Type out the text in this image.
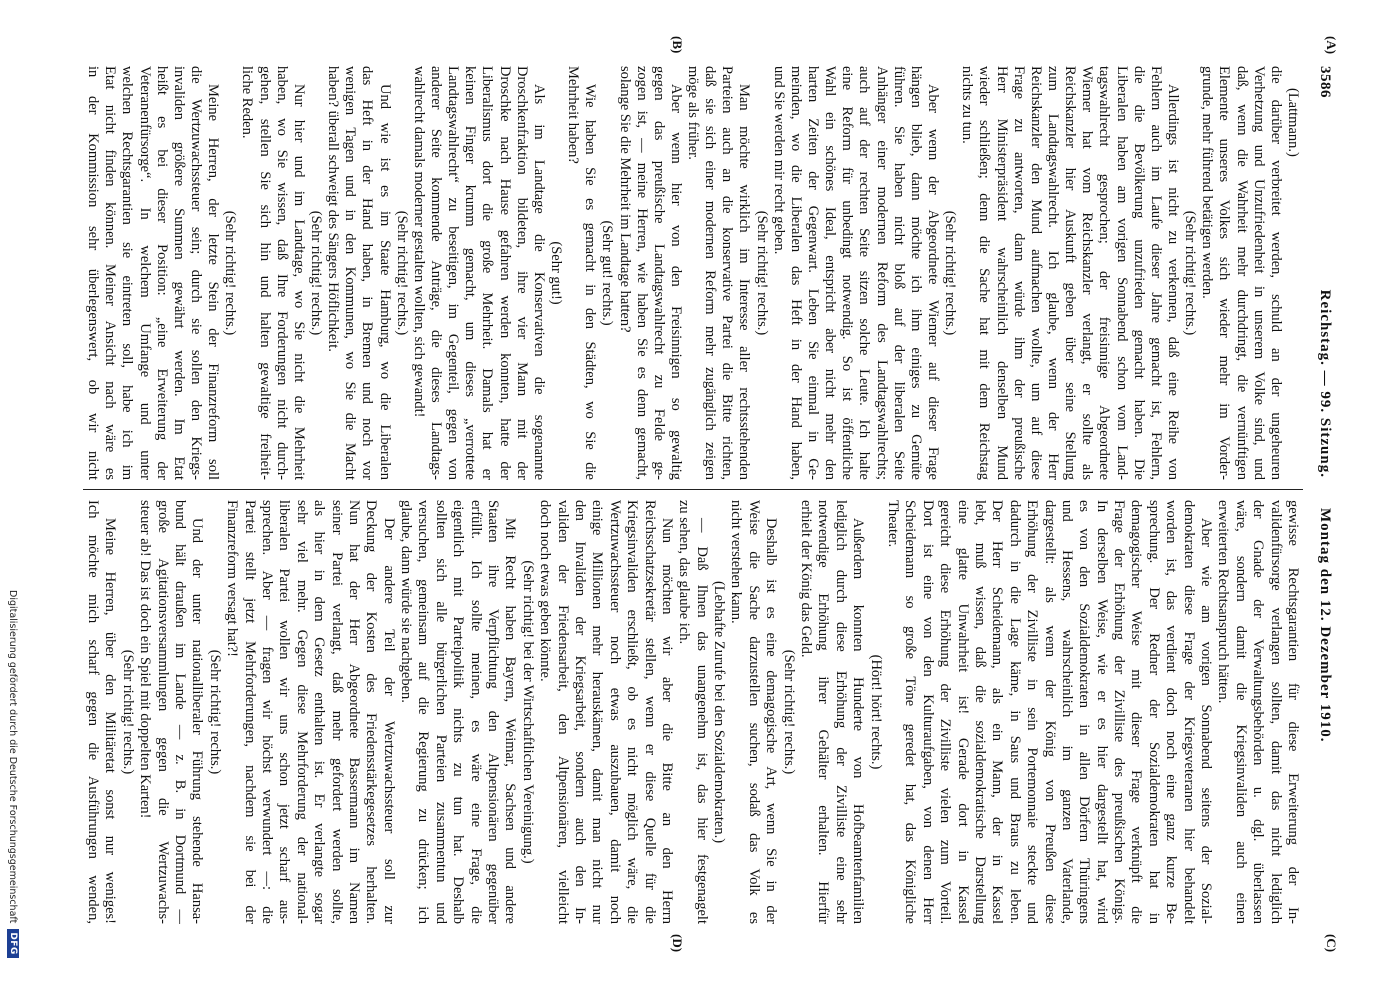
3586
Reichstag. — 99. Sitzung.
Montag den 12. Dezember 1910.
(A)
(B)
(C)
(D)
(Lattmann.)
die darüber verbreitet werden, schuld an der ungeheuren
Verhetzung und Unzufriedenheit in unserem Volke sind, und
daß, wenn die Wahrheit mehr durchdringt, die vernünftigen
Elemente unseres Volkes sich wieder mehr im Vorder-
grunde, mehr führend betätigen werden.
(Sehr richtig! rechts.)
Allerdings ist nicht zu verkennen, daß eine Reihe von
Fehlern auch im Laufe dieser Jahre gemacht ist, Fehlern,
die die Bevölkerung unzufrieden gemacht haben. Die
Liberalen haben am vorigen Sonnabend schon vom Land-
tagswahlrecht gesprochen; der freisinnige Abgeordnete
Wiemer hat vom Reichskanzler verlangt, er sollte als
Reichskanzler hier Auskunft geben über seine Stellung
zum Landtagswahlrecht. Ich glaube, wenn der Herr
Reichskanzler den Mund aufmachen wollte, um auf diese
Frage zu antworten, dann würde ihm der preußische
Herr Ministerpräsident wahrscheinlich denselben Mund
wieder schließen; denn die Sache hat mit dem Reichstag
nichts zu tun.
(Sehr richtig! rechts.)
Aber wenn der Abgeordnete Wiemer auf dieser Frage
hängen blieb, dann möchte ich ihm einiges zu Gemüte
führen. Sie haben nicht bloß auf der liberalen Seite
Anhänger einer modernen Reform des Landtagswahlrechts;
auch auf der rechten Seite sitzen solche Leute. Ich halte
eine Reform für unbedingt notwendig. So ist öffentliche
Wahl ein schönes Ideal, entspricht aber nicht mehr den
harten Zeiten der Gegenwart. Leben Sie einmal in Ge-
meinden, wo die Liberalen das Heft in der Hand haben,
und Sie werden mir recht geben.
(Sehr richtig! rechts.)
Man möchte wirklich im Interesse aller rechtsstehenden
Parteien auch an die konservative Partei die Bitte richten,
daß sie sich einer modernen Reform mehr zugänglich zeigen
möge als früher.
Aber wenn hier von den Freisinnigen so gewaltig
gegen das preußische Landtagswahlrecht zu Felde ge-
zogen ist, — meine Herren, wie haben Sie es denn gemacht,
solange Sie die Mehrheit im Landtage hatten?
(Sehr gut! rechts.)
Wie haben Sie es gemacht in den Städten, wo Sie die
Mehrheit haben?
(Sehr gut!)
Als im Landtage die Konservativen die sogenannte
Droschkenfraktion bildeten, ihre vier Mann mit der
Droschke nach Hause gefahren werden konnten, hatte der
Liberalismus dort die große Mehrheit. Damals hat er
keinen Finger krumm gemacht, um dieses „verrottete
Landtagswahlrecht“ zu beseitigen, im Gegenteil, gegen von
anderer Seite kommende Anträge, die dieses Landtags-
wahlrecht damals moderner gestalten wollten, sich gewandt!
(Sehr richtig! rechts.)
Und wie ist es im Staate Hamburg, wo die Liberalen
das Heft in der Hand haben, in Bremen und noch vor
wenigen Tagen und in den Kommunen, wo Sie die Macht
haben? überall schweigt des Sängers Höflichkeit.
(Sehr richtig! rechts.)
Nur hier und im Landtage, wo Sie nicht die Mehrheit
haben, wo Sie wissen, daß Ihre Forderungen nicht durch-
gehen, stellen Sie sich hin und halten gewaltige freiheit-
liche Reden.
(Sehr richtig! rechts.)
Meine Herren, der letzte Stein der Finanzreform soll
die Wertzuwachssteuer sein; durch sie sollen den Kriegs-
invaliden größere Summen gewährt werden. Im Etat
heißt es bei dieser Position: „eine Erweiterung der
Veteranenfürsorge“. In welchem Umfange und unter
welchen Rechtsgarantien sie eintreten soll, habe ich im
Etat nicht finden können. Meiner Ansicht nach wäre es
in der Kommission sehr überlegenswert, ob wir nicht
gewisse Rechtsgarantien für diese Erweiterung der In-
validenfürsorge verlangen sollten, damit das nicht lediglich
der Gnade der Verwaltungsbehörden u. dgl. überlassen
wäre, sondern damit die Kriegsinvaliden auch einen
erweiterten Rechtsanspruch hätten.
Aber wie am vorigen Sonnabend seitens der Sozial-
demokraten diese Frage der Kriegsveteranen hier behandelt
worden ist, das verdient doch noch eine ganz kurze Be-
sprechung. Der Redner der Sozialdemokraten hat in
demagogischer Weise mit dieser Frage verknüpft die
Frage der Erhöhung der Zivilliste des preußischen Königs.
In derselben Weise, wie er es hier dargestellt hat, wird
es von den Sozialdemokraten in allen Dörfern Thüringens
und Hessens, wahrscheinlich im ganzen Vaterlande,
dargestellt: als wenn der König von Preußen diese
Erhöhung der Zivilliste in sein Portemonnaie steckte und
dadurch in die Lage käme, in Saus und Braus zu leben.
Der Herr Scheidemann, als ein Mann, der in Kassel
lebt, muß wissen, daß die sozialdemokratische Darstellung
eine glatte Unwahrheit ist! Gerade dort in Kassel
gereicht diese Erhöhung der Zivilliste vielen zum Vorteil.
Dort ist eine von den Kulturaufgaben, von denen Herr
Scheidemann so große Töne geredet hat, das Königliche
Theater.
(Hört! hört! rechts.)
Außerdem konnten Hunderte von Hofbeamtenfamilien
lediglich durch diese Erhöhung der Zivilliste eine sehr
notwendige Erhöhung ihrer Gehälter erhalten. Hierfür
erhielt der König das Geld.
(Sehr richtig! rechts.)
Deshalb ist es eine demagogische Art, wenn Sie in der
Weise die Sache darzustellen suchen, sodaß das Volk es
nicht verstehen kann.
(Lebhafte Zurufe bei den Sozialdemokraten.)
— Daß Ihnen das unangenehm ist, das hier festgenagelt
zu sehen, das glaube ich.
Nun möchten wir aber die Bitte an den Herrn
Reichsschatzsekretär stellen, wenn er diese Quelle für die
Kriegsinvaliden erschließt, ob es nicht möglich wäre, die
Wertzuwachssteuer noch etwas auszubauen, damit noch
einige Millionen mehr herauskämen, damit man nicht nur
den Invaliden der Kriegsarbeit, sondern auch den In-
validen der Friedensarbeit, den Altpensionären, vielleicht
doch noch etwas geben könnte.
(Sehr richtig! bei der Wirtschaftlichen Vereinigung.)
Mit Recht haben Bayern, Weimar, Sachsen und andere
Staaten ihre Verpflichtung den Altpensionären gegenüber
erfüllt. Ich sollte meinen, es wäre eine Frage, die
eigentlich mit Parteipolitik nichts zu tun hat. Deshalb
sollten sich alle bürgerlichen Parteien zusammentun und
versuchen, gemeinsam auf die Regierung zu drücken; ich
glaube, dann würde sie nachgeben.
Der andere Teil der Wertzuwachssteuer soll zur
Deckung der Kosten des Friedensstärkegesetzes herhalten.
Nun hat der Herr Abgeordnete Bassermann im Namen
seiner Partei verlangt, daß mehr gefordert werden sollte,
als hier in dem Gesetz enthalten ist. Er verlangte sogar
sehr viel mehr. Gegen diese Mehrforderung der national-
liberalen Partei wollen wir uns schon jetzt scharf aus-
sprechen. Aber — fragen wir höchst verwundert —: die
Partei stellt jetzt Mehrforderungen, nachdem sie bei der
Finanzreform versagt hat?!
(Sehr richtig! rechts.)
Und der unter nationalliberaler Führung stehende Hansa-
bund hält draußen im Lande — z. B. in Dortmund —
große Agitationsversammlungen gegen die Wertzuwachs-
steuer ab! Das ist doch ein Spiel mit doppelten Karten!
(Sehr richtig! rechts.)
Meine Herren, über den Militäretat sonst nur weniges!
Ich möchte mich scharf gegen die Ausführungen wenden,
Digitalisierung gefördert durch die Deutsche Forschungsgemeinschaft
DFG
